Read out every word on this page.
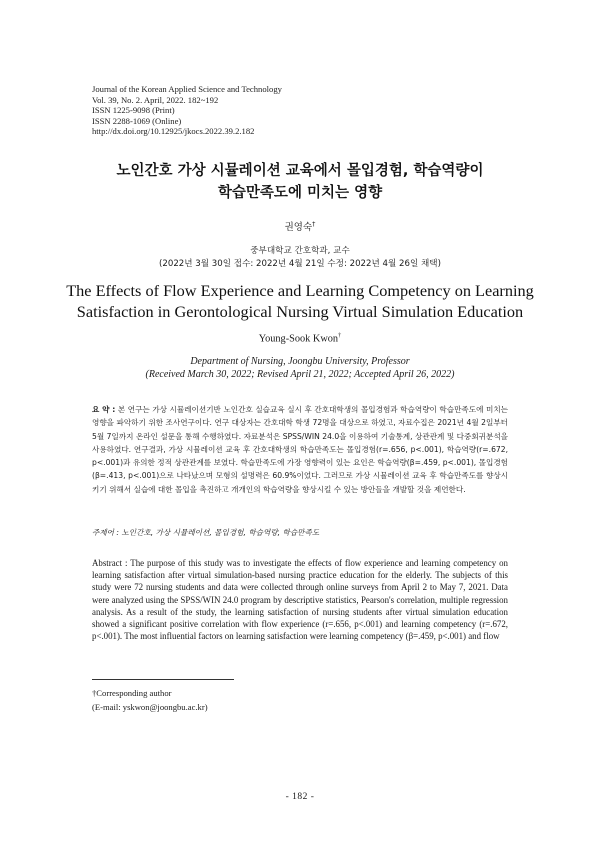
Journal of the Korean Applied Science and Technology
Vol. 39, No. 2. April, 2022. 182~192
ISSN 1225-9098 (Print)
ISSN 2288-1069 (Online)
http://dx.doi.org/10.12925/jkocs.2022.39.2.182
노인간호 가상 시뮬레이션 교육에서 몰입경험, 학습역량이
학습만족도에 미치는 영향
권영숙†
중부대학교 간호학과, 교수
(2022년 3월 30일 접수: 2022년 4월 21일 수정: 2022년 4월 26일 채택)
The Effects of Flow Experience and Learning Competency on Learning
Satisfaction in Gerontological Nursing Virtual Simulation Education
Young-Sook Kwon†
Department of Nursing, Joongbu University, Professor
(Received March 30, 2022; Revised April 21, 2022; Accepted April 26, 2022)
요 약 : 본 연구는 가상 시뮬레이션기반 노인간호 실습교육 실시 후 간호대학생의 몰입경험과 학습역량이 학습만족도에 미치는 영향을 파악하기 위한 조사연구이다. 연구 대상자는 간호대학 학생 72명을 대상으로 하였고, 자료수집은 2021년 4월 2일부터 5월 7일까지 온라인 설문을 통해 수행하였다. 자료분석은 SPSS/WIN 24.0을 이용하여 기술통계, 상관관계 및 다중회귀분석을 사용하였다. 연구결과, 가상 시뮬레이션 교육 후 간호대학생의 학습만족도는 몰입경험(r=.656, p<.001), 학습역량(r=.672, p<.001)과 유의한 정적 상관관계를 보였다. 학습만족도에 가장 영향력이 있는 요인은 학습역량(β=.459, p<.001), 몰입경험(β=.413, p<.001)으로 나타났으며 모형의 설명력은 60.9%이었다. 그러므로 가상 시뮬레이션 교육 후 학습만족도를 향상시키기 위해서 실습에 대한 몰입을 촉진하고 개개인의 학습역량을 향상시킬 수 있는 방안들을 개발할 것을 제언한다.
주제어 : 노인간호, 가상 시뮬레이션, 몰입경험, 학습역량, 학습만족도
Abstract : The purpose of this study was to investigate the effects of flow experience and learning competency on learning satisfaction after virtual simulation-based nursing practice education for the elderly. The subjects of this study were 72 nursing students and data were collected through online surveys from April 2 to May 7, 2021. Data were analyzed using the SPSS/WIN 24.0 program by descriptive statistics, Pearson's correlation, multiple regression analysis. As a result of the study, the learning satisfaction of nursing students after virtual simulation education showed a significant positive correlation with flow experience (r=.656, p<.001) and learning competency (r=.672, p<.001). The most influential factors on learning satisfaction were learning competency (β=.459, p<.001) and flow
†Corresponding author
(E-mail: yskwon@joongbu.ac.kr)
- 182 -
